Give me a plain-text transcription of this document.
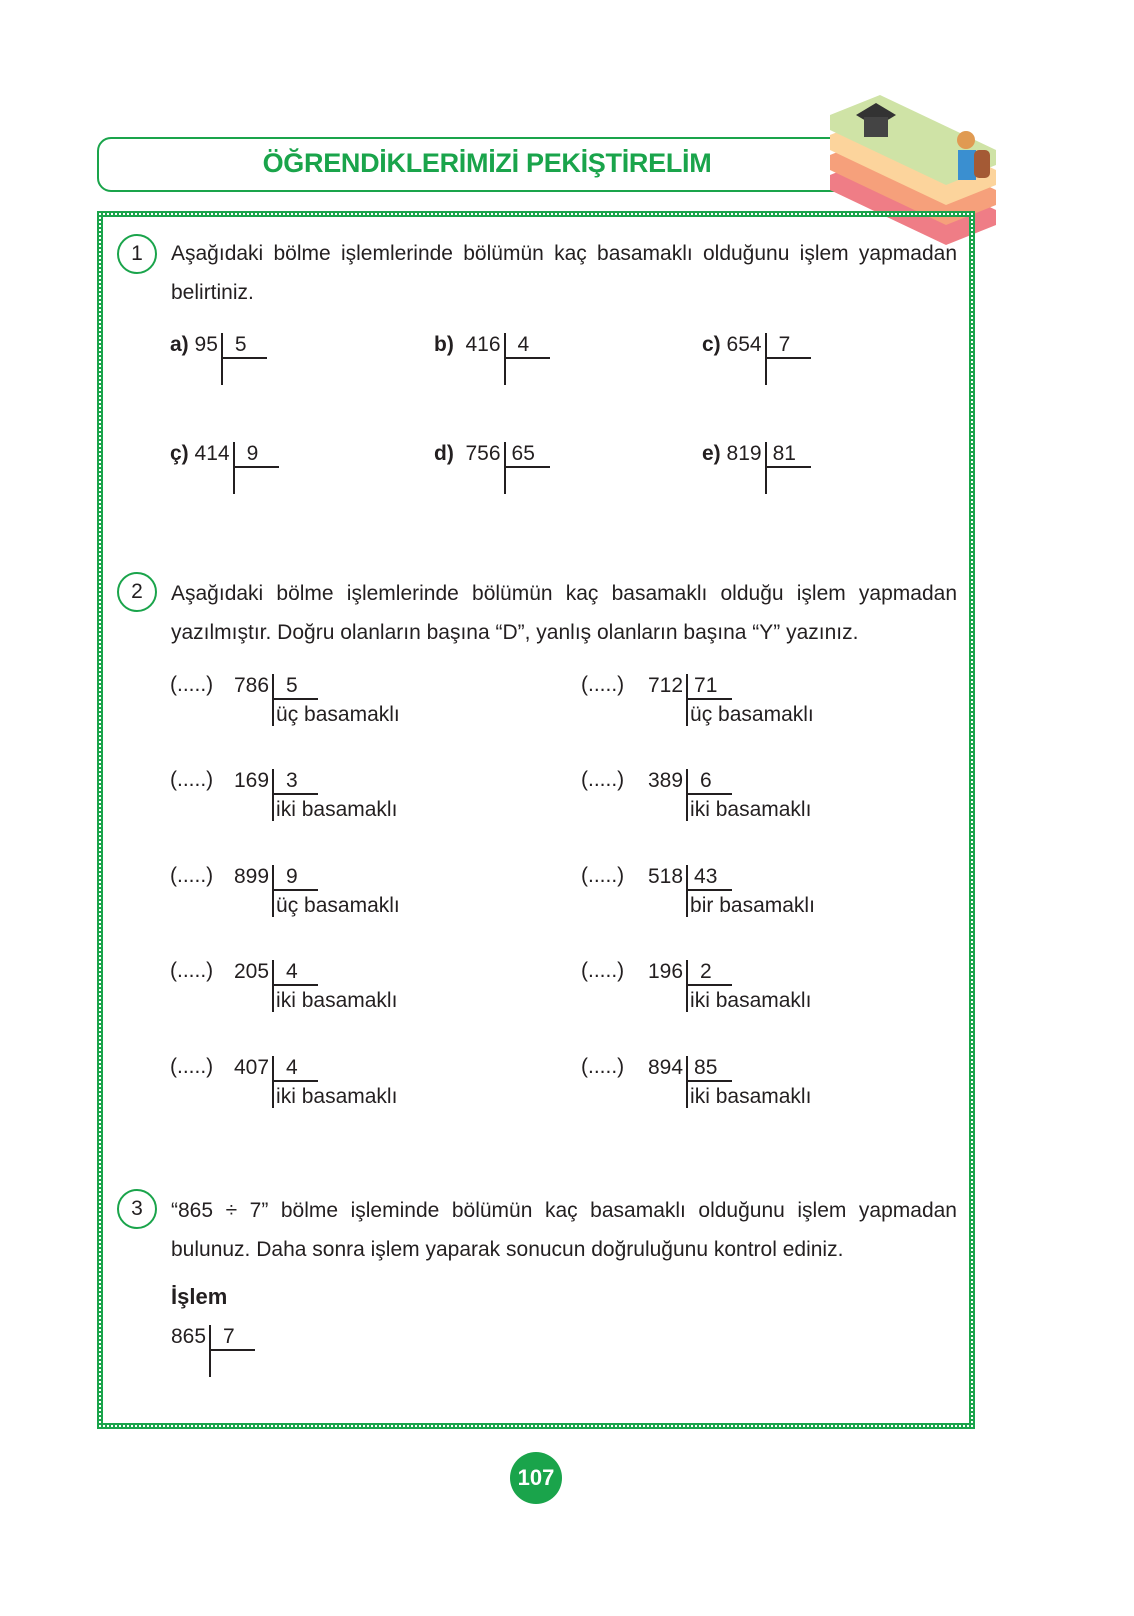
ÖĞRENDİKLERİMİZİ PEKİŞTİRELİM
1	Aşağıdaki bölme işlemlerinde bölümün kaç basamaklı olduğunu işlem yapmadan belirtiniz.
a)
95 5	b)
416 4	c)
654 7
ç)
414 9	d)
756 65	e)
819 81
2	Aşağıdaki bölme işlemlerinde bölümün kaç basamaklı olduğu işlem yapmadan yazılmıştır. Doğru olanların başına “D”, yanlış olanların başına “Y” yazınız.
(.....) 786 5
üç basamaklı
(.....) 712 71
üç basamaklı
(.....) 169 3
iki basamaklı
(.....) 389 6
iki basamaklı
(.....) 899 9
üç basamaklı
(.....) 518 43
bir basamaklı
(.....) 205 4
iki basamaklı
(.....) 196 2
iki basamaklı
(.....) 407 4
iki basamaklı
(.....) 894 85
iki basamaklı
3	“865 ÷ 7” bölme işleminde bölümün kaç basamaklı olduğunu işlem yapmadan bulunuz. Daha sonra işlem yaparak sonucun doğruluğunu kontrol ediniz.
İşlem
865 7
107
